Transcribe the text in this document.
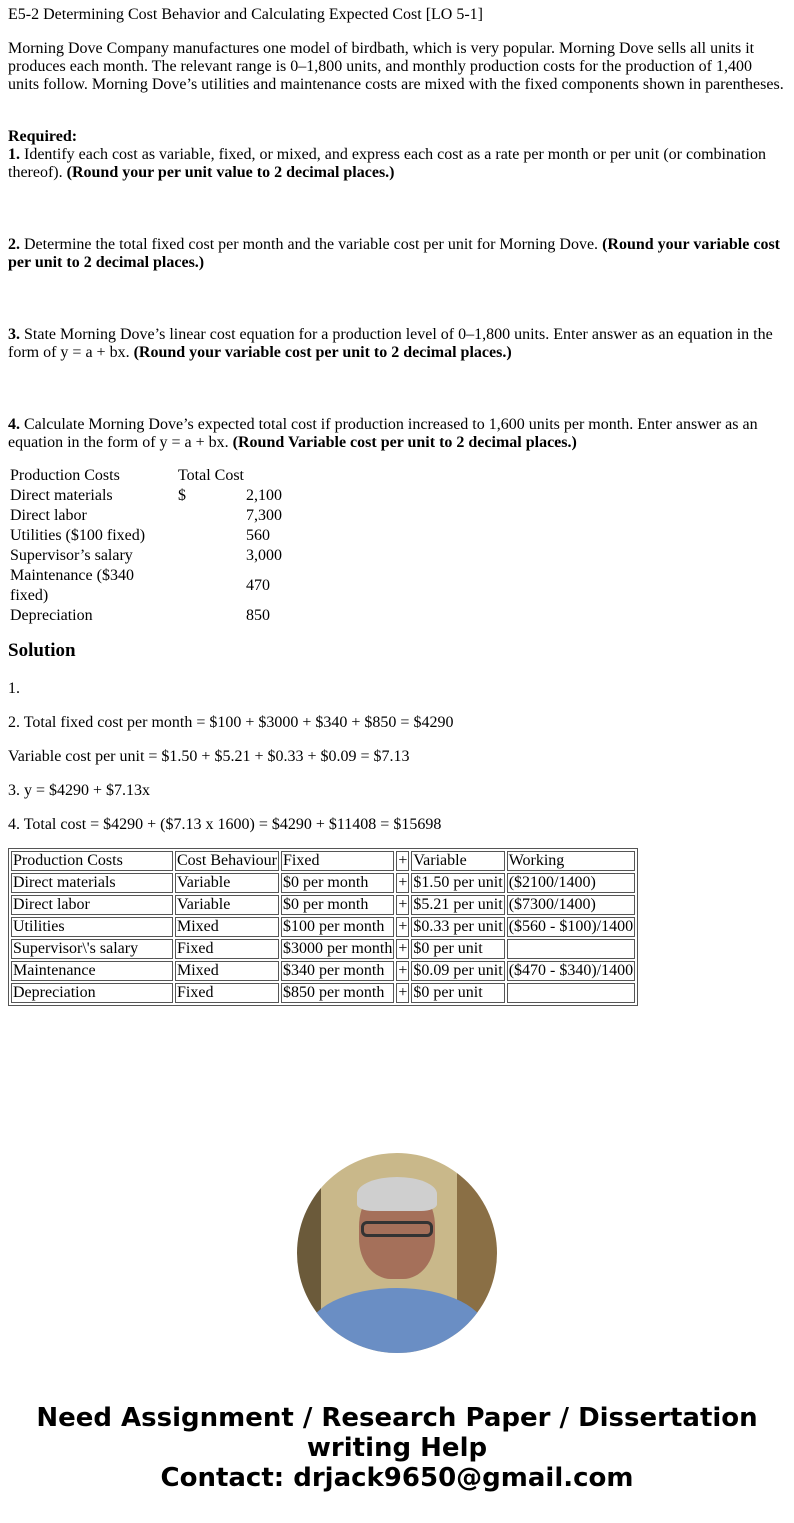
E5-2 Determining Cost Behavior and Calculating Expected Cost [LO 5-1]

Morning Dove Company manufactures one model of birdbath, which is very popular. Morning Dove sells all units it produces each month. The relevant range is 0–1,800 units, and monthly production costs for the production of 1,400 units follow. Morning Dove’s utilities and maintenance costs are mixed with the fixed components shown in parentheses.

Required:

1. Identify each cost as variable, fixed, or mixed, and express each cost as a rate per month or per unit (or combination thereof). (Round your per unit value to 2 decimal places.)
2. Determine the total fixed cost per month and the variable cost per unit for Morning Dove. (Round your variable cost per unit to 2 decimal places.)
3. State Morning Dove’s linear cost equation for a production level of 0–1,800 units. Enter answer as an equation in the form of y = a + bx. (Round your variable cost per unit to 2 decimal places.)
4. Calculate Morning Dove’s expected total cost if production increased to 1,600 units per month. Enter answer as an equation in the form of y = a + bx. (Round Variable cost per unit to 2 decimal places.)
Production Costs	Total Cost	
Direct materials	$	2,100
Direct labor		7,300
Utilities ($100 fixed)		560
Supervisor’s salary		3,000
Maintenance ($340 fixed)		470
Depreciation		850
Solution

1.

2. Total fixed cost per month = $100 + $3000 + $340 + $850 = $4290

Variable cost per unit = $1.50 + $5.21 + $0.33 + $0.09 = $7.13

3. y = $4290 + $7.13x

4. Total cost = $4290 + ($7.13 x 1600) = $4290 + $11408 = $15698

Production Costs	Cost Behaviour	Fixed	+	Variable	Working
Direct materials	Variable	$0 per month	+	$1.50 per unit	($2100/1400)
Direct labor	Variable	$0 per month	+	$5.21 per unit	($7300/1400)
Utilities	Mixed	$100 per month	+	$0.33 per unit	($560 - $100)/1400
Supervisor\'s salary	Fixed	$3000 per month	+	$0 per unit	
Maintenance	Mixed	$340 per month	+	$0.09 per unit	($470 - $340)/1400
Depreciation	Fixed	$850 per month	+	$0 per unit	
Need Assignment / Research Paper / Dissertation writing Help
Contact: drjack9650@gmail.com
